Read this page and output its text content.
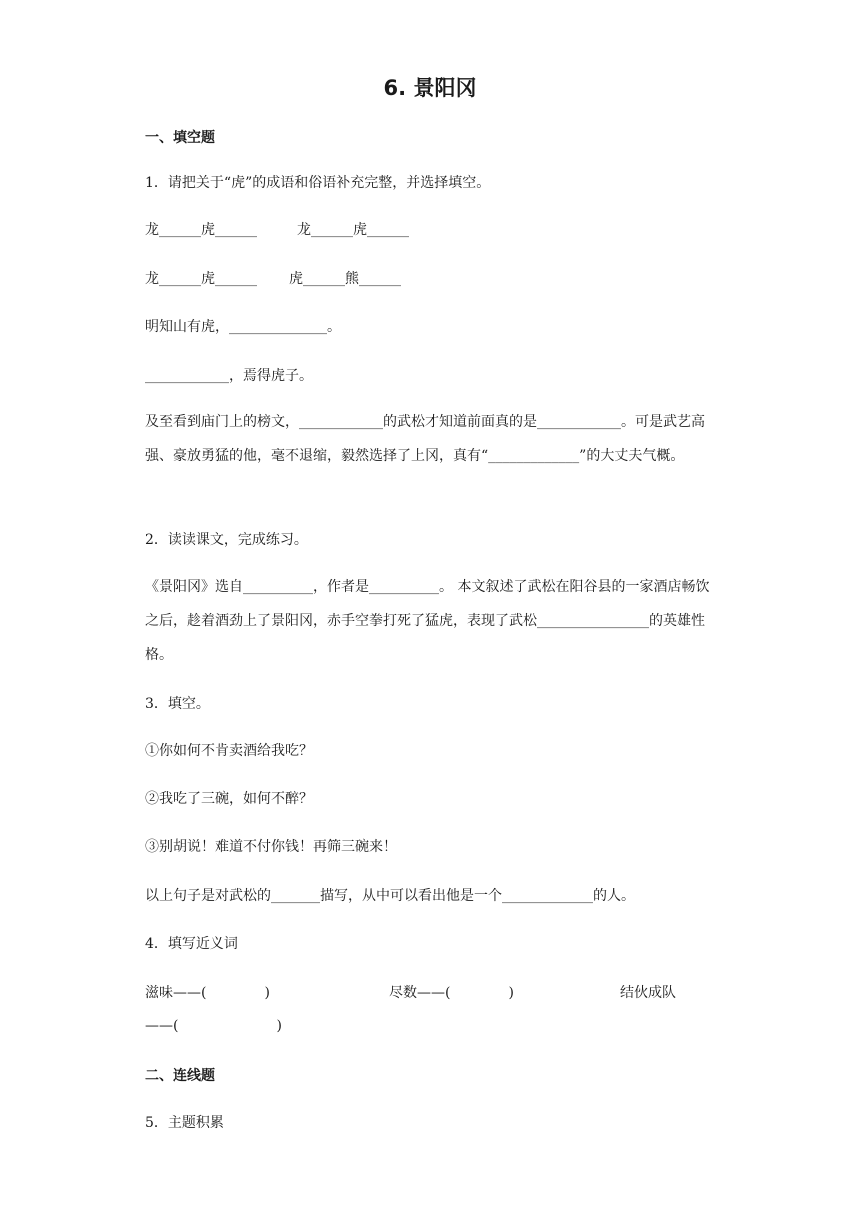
6. 景阳冈
一、填空题
1．请把关于“虎”的成语和俗语补充完整，并选择填空。
龙______虎______	龙______虎______
龙______虎______ 虎______熊______
明知山有虎，______________。
____________，焉得虎子。
及至看到庙门上的榜文，____________的武松才知道前面真的是____________。可是武艺高强、豪放勇猛的他，毫不退缩，毅然选择了上冈，真有“_____________”的大丈夫气概。
2．读读课文，完成练习。
《景阳冈》选自__________，作者是__________。 本文叙述了武松在阳谷县的一家酒店畅饮之后，趁着酒劲上了景阳冈，赤手空拳打死了猛虎，表现了武松________________的英雄性格。
3．填空。
①你如何不肯卖酒给我吃？
②我吃了三碗，如何不醉？
③别胡说！难道不付你钱！再筛三碗来！
以上句子是对武松的_______描写，从中可以看出他是一个_____________的人。
4．填写近义词
滋味——(	)	尽数——(	)	结伙成队
——(	)
二、连线题
5．主题积累
